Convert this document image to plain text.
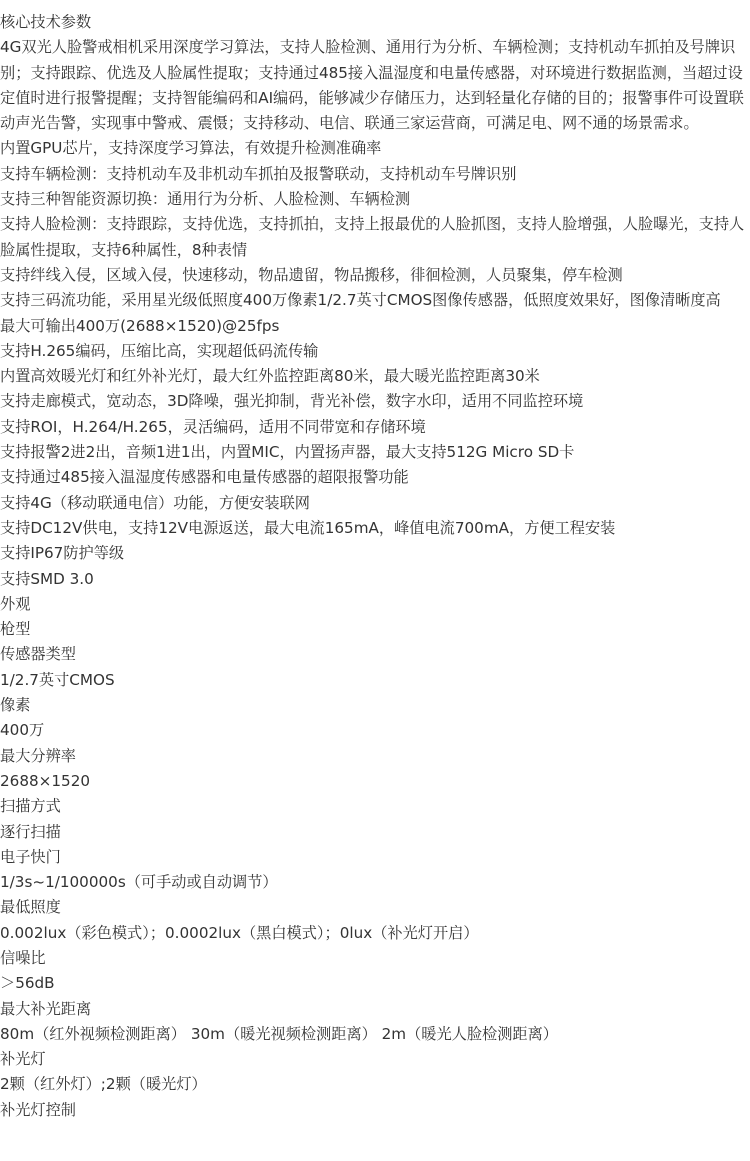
核心技术参数

4G双光人脸警戒相机采用深度学习算法，支持人脸检测、通用行为分析、车辆检测；支持机动车抓拍及号牌识别；支持跟踪、优选及人脸属性提取；支持通过485接入温湿度和电量传感器，对环境进行数据监测，当超过设定值时进行报警提醒；支持智能编码和AI编码，能够减少存储压力，达到轻量化存储的目的；报警事件可设置联动声光告警，实现事中警戒、震慑；支持移动、电信、联通三家运营商，可满足电、网不通的场景需求。

内置GPU芯片，支持深度学习算法，有效提升检测准确率

支持车辆检测：支持机动车及非机动车抓拍及报警联动，支持机动车号牌识别

支持三种智能资源切换：通用行为分析、人脸检测、车辆检测

支持人脸检测：支持跟踪，支持优选，支持抓拍，支持上报最优的人脸抓图，支持人脸增强，人脸曝光，支持人脸属性提取，支持6种属性，8种表情

支持绊线入侵，区域入侵，快速移动，物品遗留，物品搬移，徘徊检测，人员聚集，停车检测

支持三码流功能，采用星光级低照度400万像素1/2.7英寸CMOS图像传感器，低照度效果好，图像清晰度高

最大可输出400万(2688×1520)@25fps

支持H.265编码，压缩比高，实现超低码流传输

内置高效暖光灯和红外补光灯，最大红外监控距离80米，最大暖光监控距离30米

支持走廊模式，宽动态，3D降噪，强光抑制，背光补偿，数字水印，适用不同监控环境

支持ROI，H.264/H.265，灵活编码，适用不同带宽和存储环境

支持报警2进2出，音频1进1出，内置MIC，内置扬声器，最大支持512G Micro SD卡

支持通过485接入温湿度传感器和电量传感器的超限报警功能

支持4G（移动联通电信）功能，方便安装联网

支持DC12V供电，支持12V电源返送，最大电流165mA，峰值电流700mA，方便工程安装

支持IP67防护等级

支持SMD 3.0

外观

枪型

传感器类型

1/2.7英寸CMOS

像素

400万

最大分辨率

2688×1520

扫描方式

逐行扫描

电子快门

1/3s~1/100000s（可手动或自动调节）

最低照度

0.002lux（彩色模式）；0.0002lux（黑白模式）；0lux（补光灯开启）

信噪比

＞56dB

最大补光距离

80m（红外视频检测距离） 30m（暖光视频检测距离） 2m（暖光人脸检测距离）

补光灯

2颗（红外灯）;2颗（暖光灯）

补光灯控制
